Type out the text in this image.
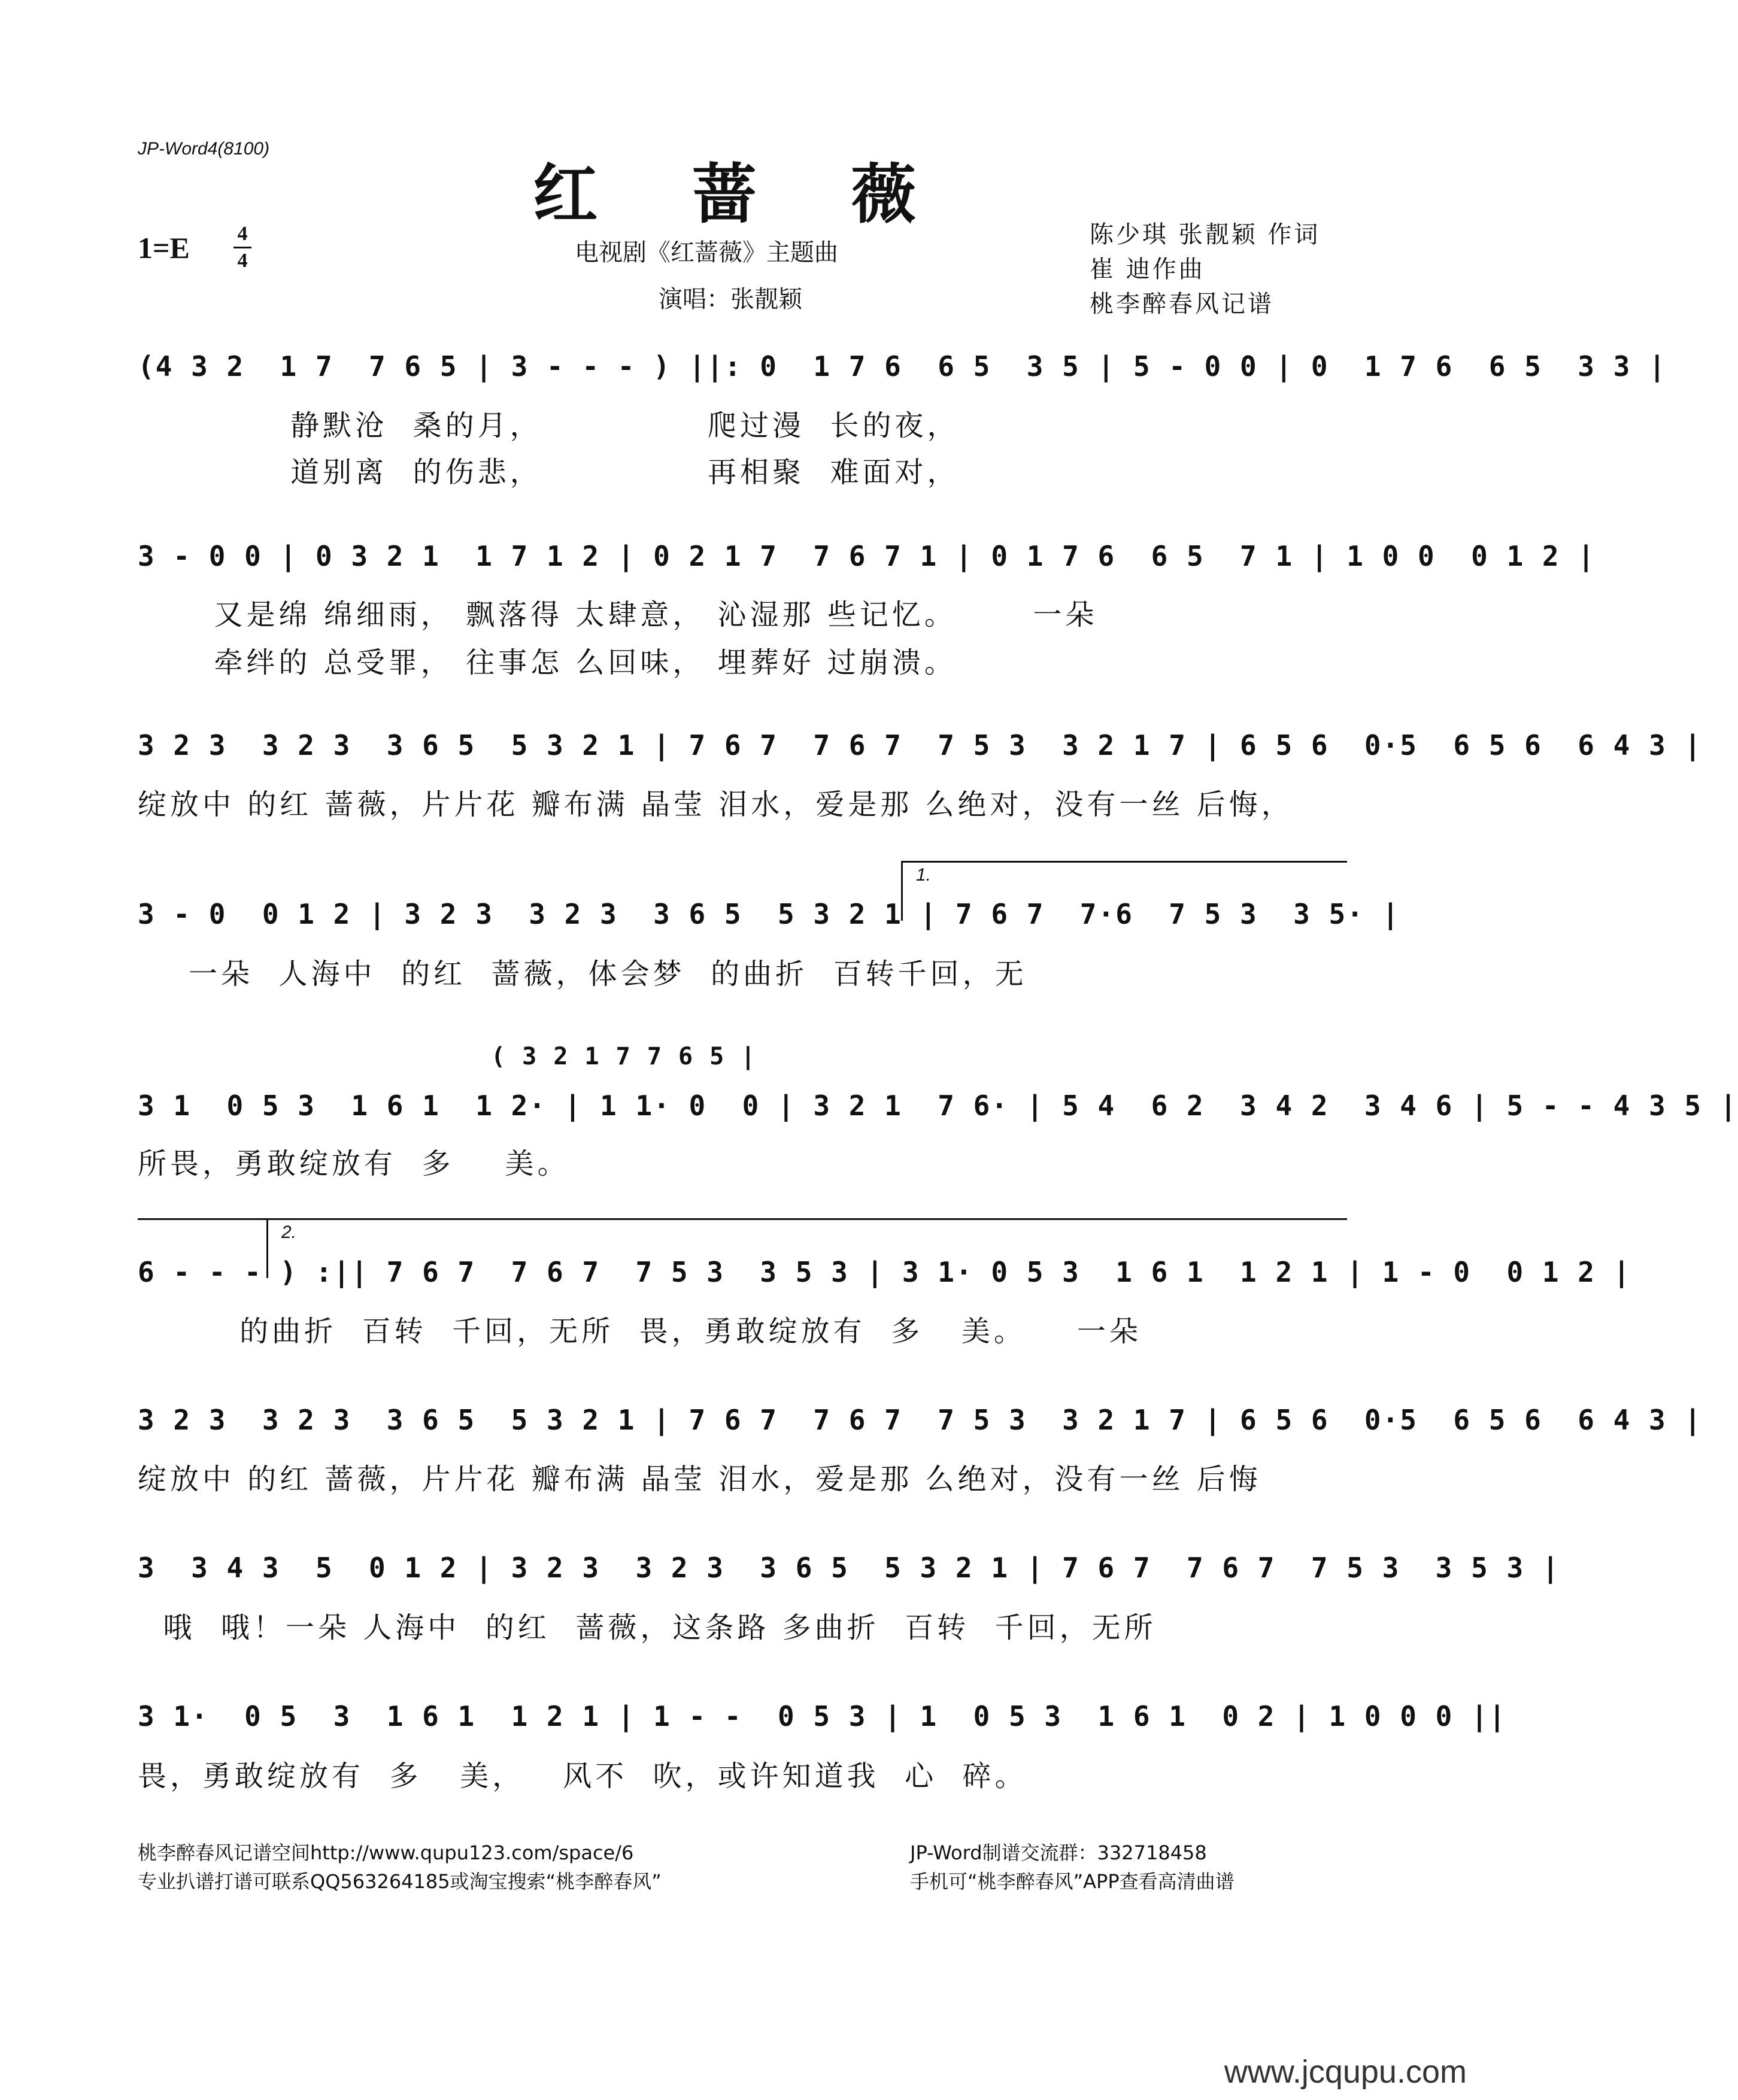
JP-Word4(8100)
红 蔷 薇
1=E 4
4	电视剧《红蔷薇》主题曲
演唱：张靓颖
陈少琪 张靓颖 作词
崔 迪作曲
桃李醉春风记谱
(4 3 2  1 7  7 6 5 | 3 - - - ) ||: 0  1 7 6  6 5  3 5 | 5 - 0 0 | 0  1 7 6  6 5  3 3 |
静默沧  桑的月，             爬过漫  长的夜，
道别离  的伤悲，             再相聚  难面对，
3 - 0 0 | 0 3 2 1  1 7 1 2 | 0 2 1 7  7 6 7 1 | 0 1 7 6  6 5  7 1 | 1 0 0  0 1 2 |
又是绵 绵细雨， 飘落得 太肆意， 沁湿那 些记忆。      一朵
牵绊的 总受罪， 往事怎 么回味， 埋葬好 过崩溃。
3 2 3  3 2 3  3 6 5  5 3 2 1 | 7 6 7  7 6 7  7 5 3  3 2 1 7 | 6 5 6  0·5  6 5 6  6 4 3 |
绽放中 的红 蔷薇，片片花 瓣布满 晶莹 泪水，爱是那 么绝对，没有一丝 后悔，
1.
3 - 0  0 1 2 | 3 2 3  3 2 3  3 6 5  5 3 2 1 | 7 6 7  7·6  7 5 3  3 5· |
一朵  人海中  的红  蔷薇，体会梦  的曲折  百转千回，无
( 3 2 1 7 7 6 5 |
3 1  0 5 3  1 6 1  1 2· | 1 1· 0  0 | 3 2 1  7 6· | 5 4  6 2  3 4 2  3 4 6 | 5 - - 4 3 5 |
所畏，勇敢绽放有  多    美。
2.
6 - - - ) :|| 7 6 7  7 6 7  7 5 3  3 5 3 | 3 1· 0 5 3  1 6 1  1 2 1 | 1 - 0  0 1 2 |
的曲折  百转  千回，无所  畏，勇敢绽放有  多   美。    一朵
3 2 3  3 2 3  3 6 5  5 3 2 1 | 7 6 7  7 6 7  7 5 3  3 2 1 7 | 6 5 6  0·5  6 5 6  6 4 3 |
绽放中 的红 蔷薇，片片花 瓣布满 晶莹 泪水，爱是那 么绝对，没有一丝 后悔
3  3 4 3  5  0 1 2 | 3 2 3  3 2 3  3 6 5  5 3 2 1 | 7 6 7  7 6 7  7 5 3  3 5 3 |
哦  哦！一朵 人海中  的红  蔷薇，这条路 多曲折  百转  千回，无所
3 1·  0 5  3  1 6 1  1 2 1 | 1 - -  0 5 3 | 1  0 5 3  1 6 1  0 2 | 1 0 0 0 ||
畏，勇敢绽放有  多   美，   风不  吹，或许知道我  心  碎。
桃李醉春风记谱空间http://www.qupu123.com/space/6
专业扒谱打谱可联系QQ563264185或淘宝搜索“桃李醉春风”
JP-Word制谱交流群：332718458
手机可“桃李醉春风”APP查看高清曲谱
www.jcqupu.com
